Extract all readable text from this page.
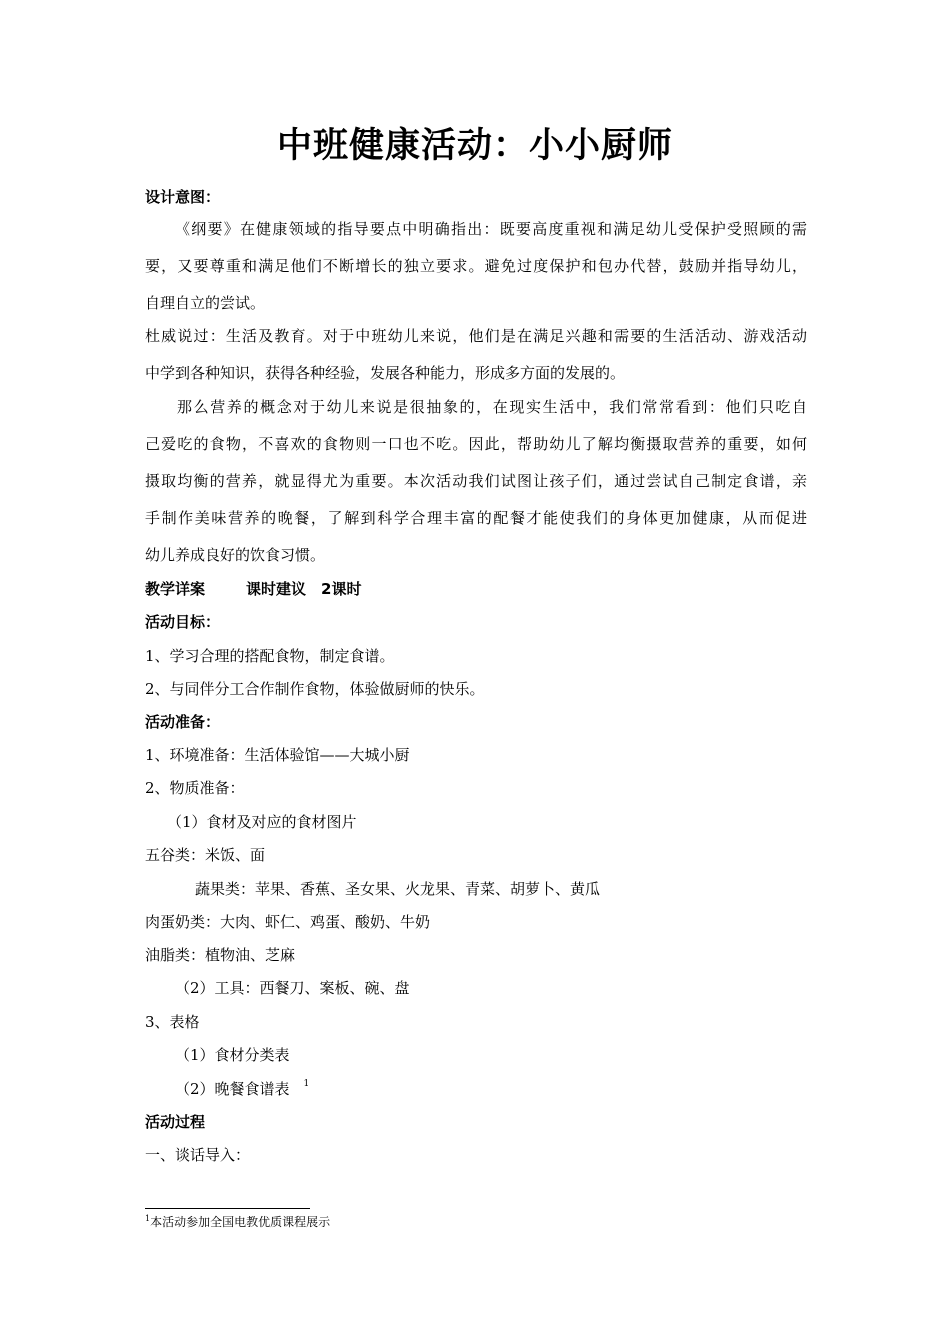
中班健康活动：小小厨师
设计意图：
《纲要》在健康领域的指导要点中明确指出：既要高度重视和满足幼儿受保护受照顾的需
要，又要尊重和满足他们不断增长的独立要求。避免过度保护和包办代替，鼓励并指导幼儿，
自理自立的尝试。
杜威说过：生活及教育。对于中班幼儿来说，他们是在满足兴趣和需要的生活活动、游戏活动
中学到各种知识，获得各种经验，发展各种能力，形成多方面的发展的。
那么营养的概念对于幼儿来说是很抽象的，在现实生活中，我们常常看到：他们只吃自
己爱吃的食物，不喜欢的食物则一口也不吃。因此，帮助幼儿了解均衡摄取营养的重要，如何
摄取均衡的营养，就显得尤为重要。本次活动我们试图让孩子们，通过尝试自己制定食谱，亲
手制作美味营养的晚餐，了解到科学合理丰富的配餐才能使我们的身体更加健康，从而促进
幼儿养成良好的饮食习惯。
教学详案	课时建议　2课时
活动目标：
1、学习合理的搭配食物，制定食谱。
2、与同伴分工合作制作食物，体验做厨师的快乐。
活动准备：
1、环境准备：生活体验馆——大城小厨
2、物质准备：
（1）食材及对应的食材图片
五谷类：米饭、面
蔬果类：苹果、香蕉、圣女果、火龙果、青菜、胡萝卜、黄瓜
肉蛋奶类：大肉、虾仁、鸡蛋、酸奶、牛奶
油脂类：植物油、芝麻
（2）工具：西餐刀、案板、碗、盘
3、表格
（1）食材分类表
（2）晚餐食谱表 $^1$
活动过程
一、谈话导入：
$^1$本活动参加全国电教优质课程展示
